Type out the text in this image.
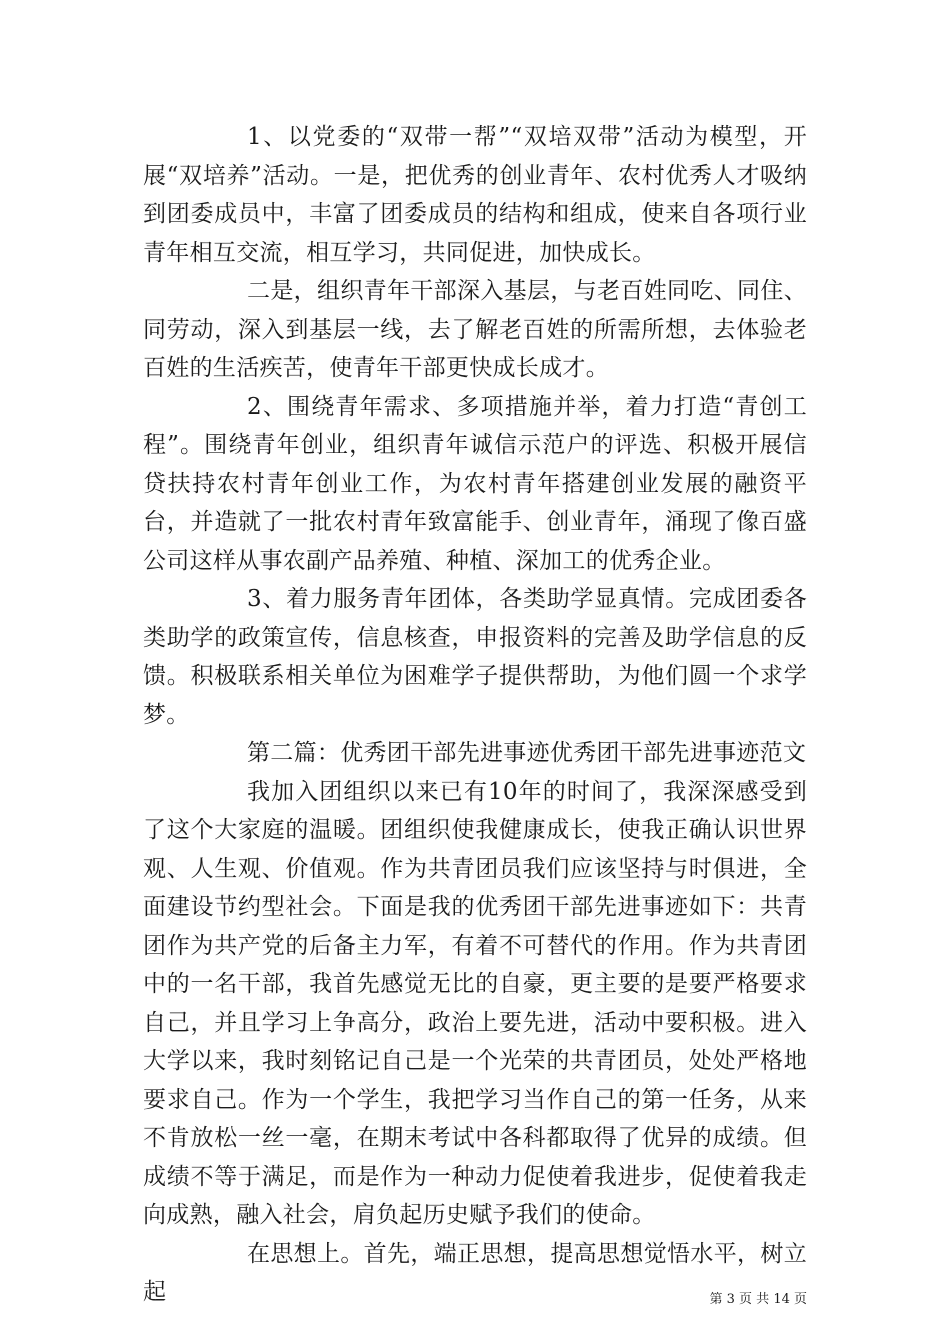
1、以党委的“双带一帮”“双培双带”活动为模型，开展“双培养”活动。一是，把优秀的创业青年、农村优秀人才吸纳到团委成员中，丰富了团委成员的结构和组成，使来自各项行业青年相互交流，相互学习，共同促进，加快成长。

二是，组织青年干部深入基层，与老百姓同吃、同住、同劳动，深入到基层一线，去了解老百姓的所需所想，去体验老百姓的生活疾苦，使青年干部更快成长成才。

2、围绕青年需求、多项措施并举，着力打造“青创工程”。围绕青年创业，组织青年诚信示范户的评选、积极开展信贷扶持农村青年创业工作，为农村青年搭建创业发展的融资平台，并造就了一批农村青年致富能手、创业青年，涌现了像百盛公司这样从事农副产品养殖、种植、深加工的优秀企业。

3、着力服务青年团体，各类助学显真情。完成团委各类助学的政策宣传，信息核查，申报资料的完善及助学信息的反馈。积极联系相关单位为困难学子提供帮助，为他们圆一个求学梦。

第二篇：优秀团干部先进事迹优秀团干部先进事迹范文

我加入团组织以来已有10年的时间了，我深深感受到了这个大家庭的温暖。团组织使我健康成长，使我正确认识世界观、人生观、价值观。作为共青团员我们应该坚持与时俱进，全面建设节约型社会。下面是我的优秀团干部先进事迹如下：共青团作为共产党的后备主力军，有着不可替代的作用。作为共青团中的一名干部，我首先感觉无比的自豪，更主要的是要严格要求自己，并且学习上争高分，政治上要先进，活动中要积极。进入大学以来，我时刻铭记自己是一个光荣的共青团员，处处严格地要求自己。作为一个学生，我把学习当作自己的第一任务，从来不肯放松一丝一毫，在期末考试中各科都取得了优异的成绩。但成绩不等于满足，而是作为一种动力促使着我进步，促使着我走向成熟，融入社会，肩负起历史赋予我们的使命。

在思想上。首先，端正思想，提高思想觉悟水平，树立起	第 3 页 共 14 页
